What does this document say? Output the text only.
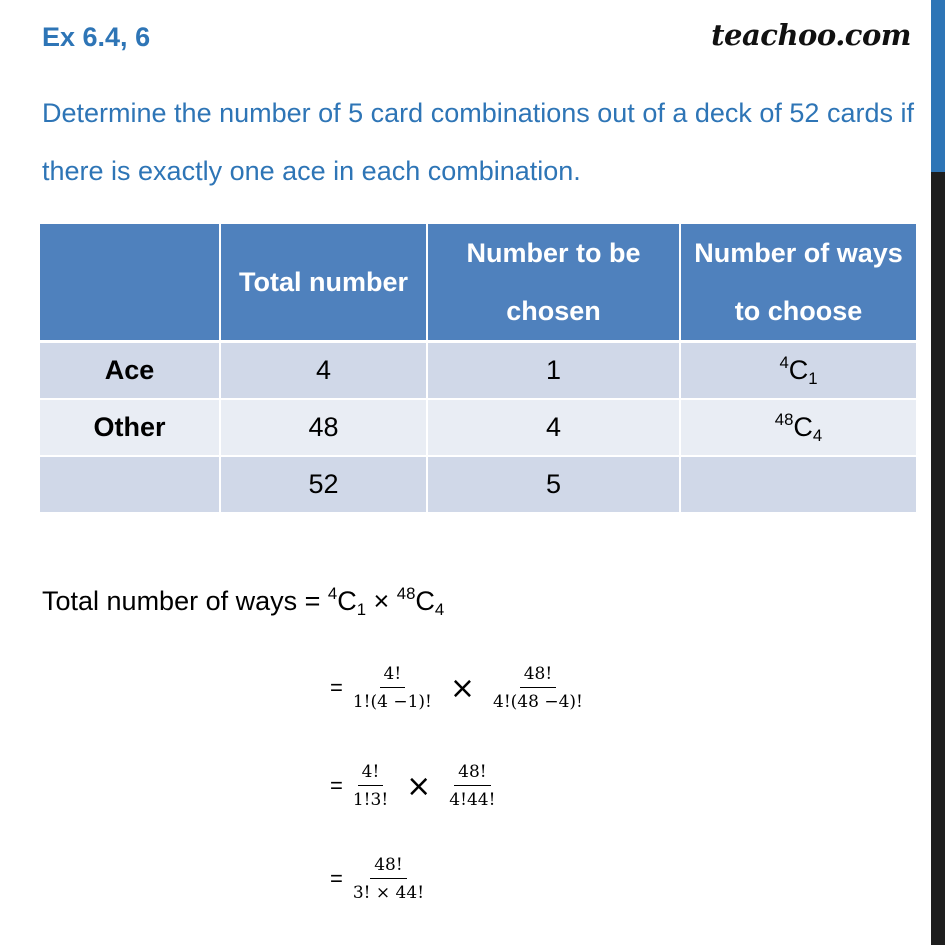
Ex 6.4, 6	teachoo.com
Determine the number of 5 card combinations out of a deck of 52 cards if there is exactly one ace in each combination.
	Total number	Number to be chosen	Number of ways to choose
Ace	4	1	$^4C_1$
Other	48	4	$^{48}C_4$
	52	5	
Total number of ways = $^4C_1 \times ^{48}C_4$
= $\frac{4!}{1!(4 -1)!} \times \frac{48!}{4!(48 -4)!}$
= $\frac{4!}{1!3!} \times \frac{48!}{4!44!}$
= $\frac{48!}{3! \times 44!}$
